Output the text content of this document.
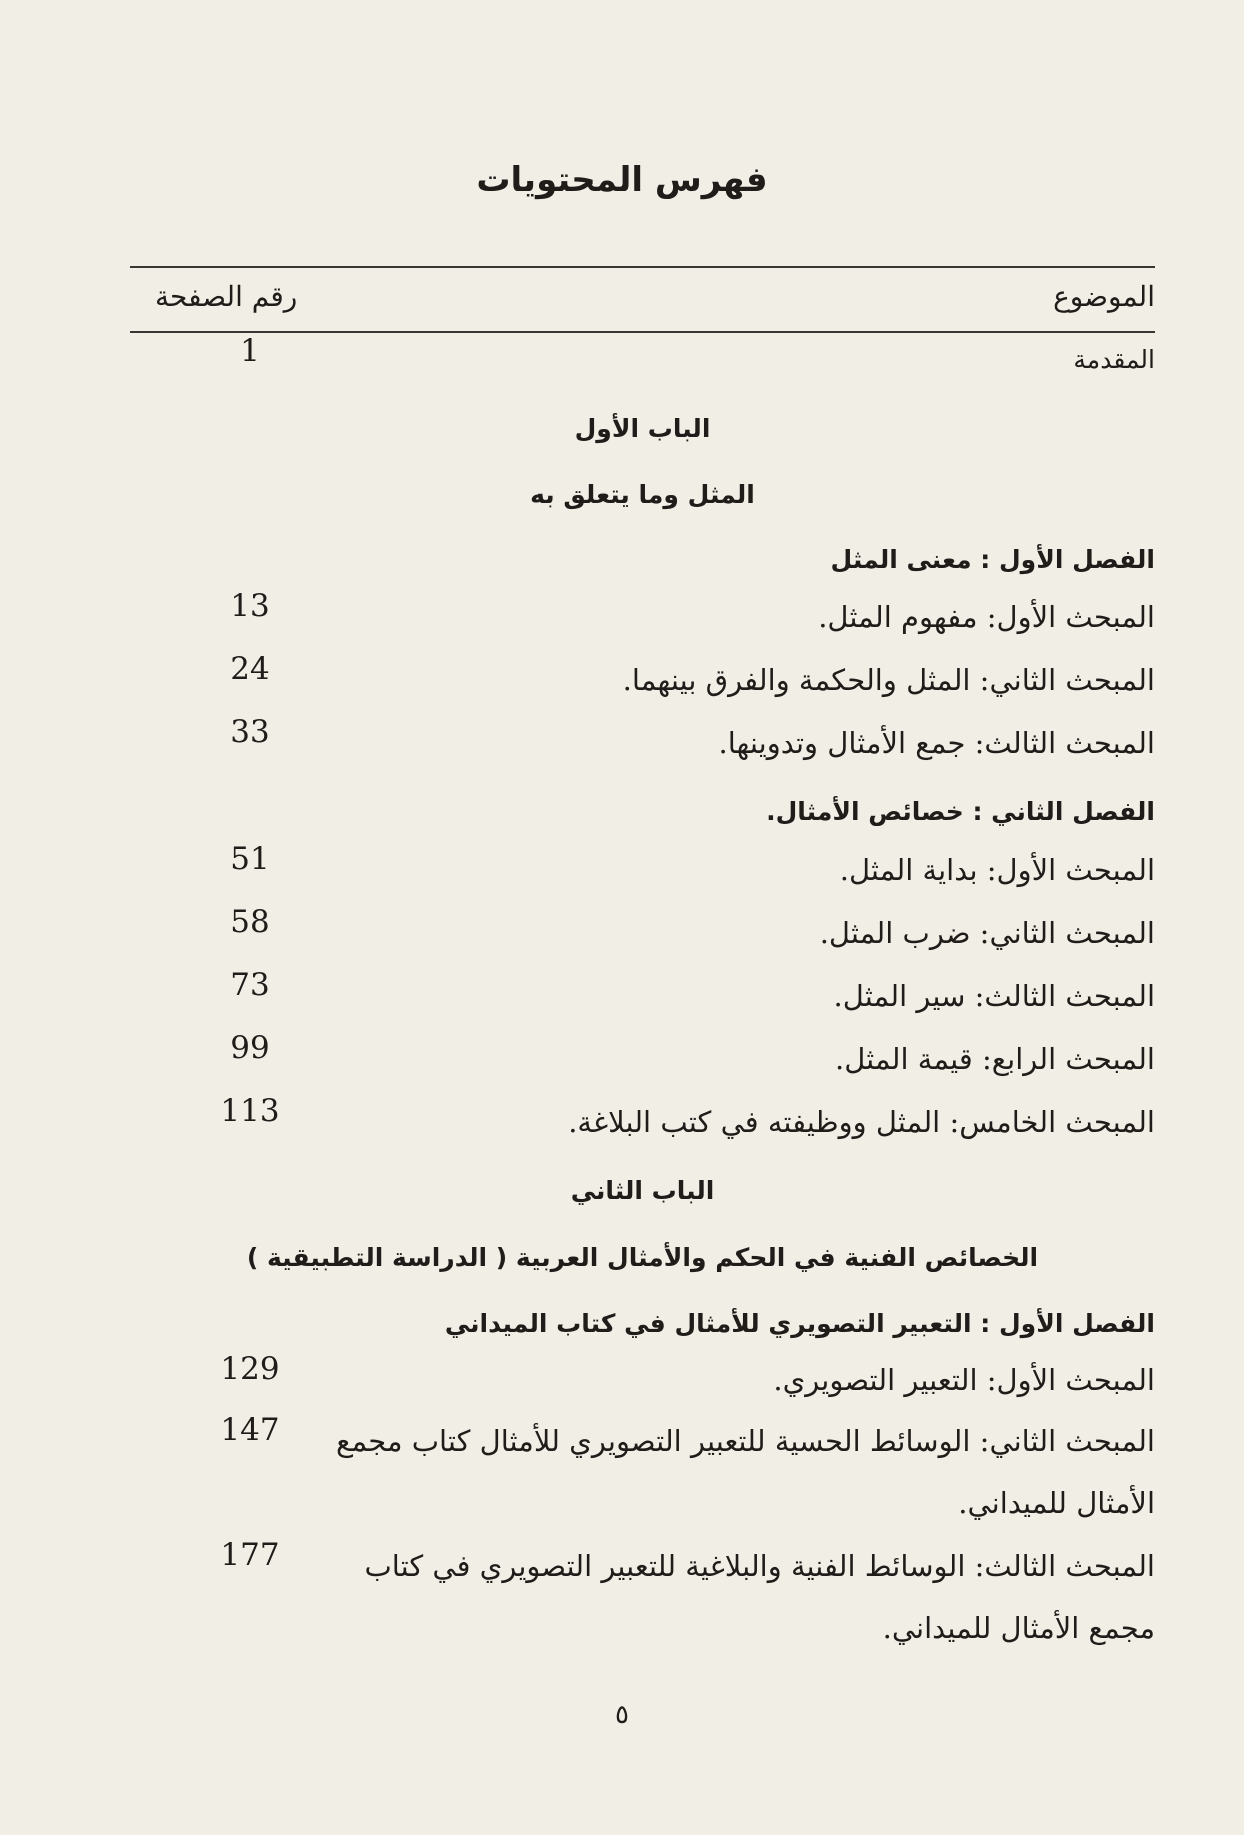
فهرس المحتويات
الموضوع
رقم الصفحة
المقدمة
1
الباب الأول
المثل وما يتعلق به
الفصل الأول : معنى المثل
المبحث الأول: مفهوم المثل.
13
المبحث الثاني: المثل والحكمة والفرق بينهما.
24
المبحث الثالث: جمع الأمثال وتدوينها.
33
الفصل الثاني : خصائص الأمثال.
المبحث الأول: بداية المثل.
51
المبحث الثاني: ضرب المثل.
58
المبحث الثالث: سير المثل.
73
المبحث الرابع: قيمة المثل.
99
المبحث الخامس: المثل ووظيفته في كتب البلاغة.
113
الباب الثاني
الخصائص الفنية في الحكم والأمثال العربية ( الدراسة التطبيقية )
الفصل الأول : التعبير التصويري للأمثال في كتاب الميداني
المبحث الأول: التعبير التصويري.
129
المبحث الثاني: الوسائط الحسية للتعبير التصويري للأمثال كتاب مجمع الأمثال للميداني.
147
المبحث الثالث: الوسائط الفنية والبلاغية للتعبير التصويري في كتاب مجمع الأمثال للميداني.
177
٥
